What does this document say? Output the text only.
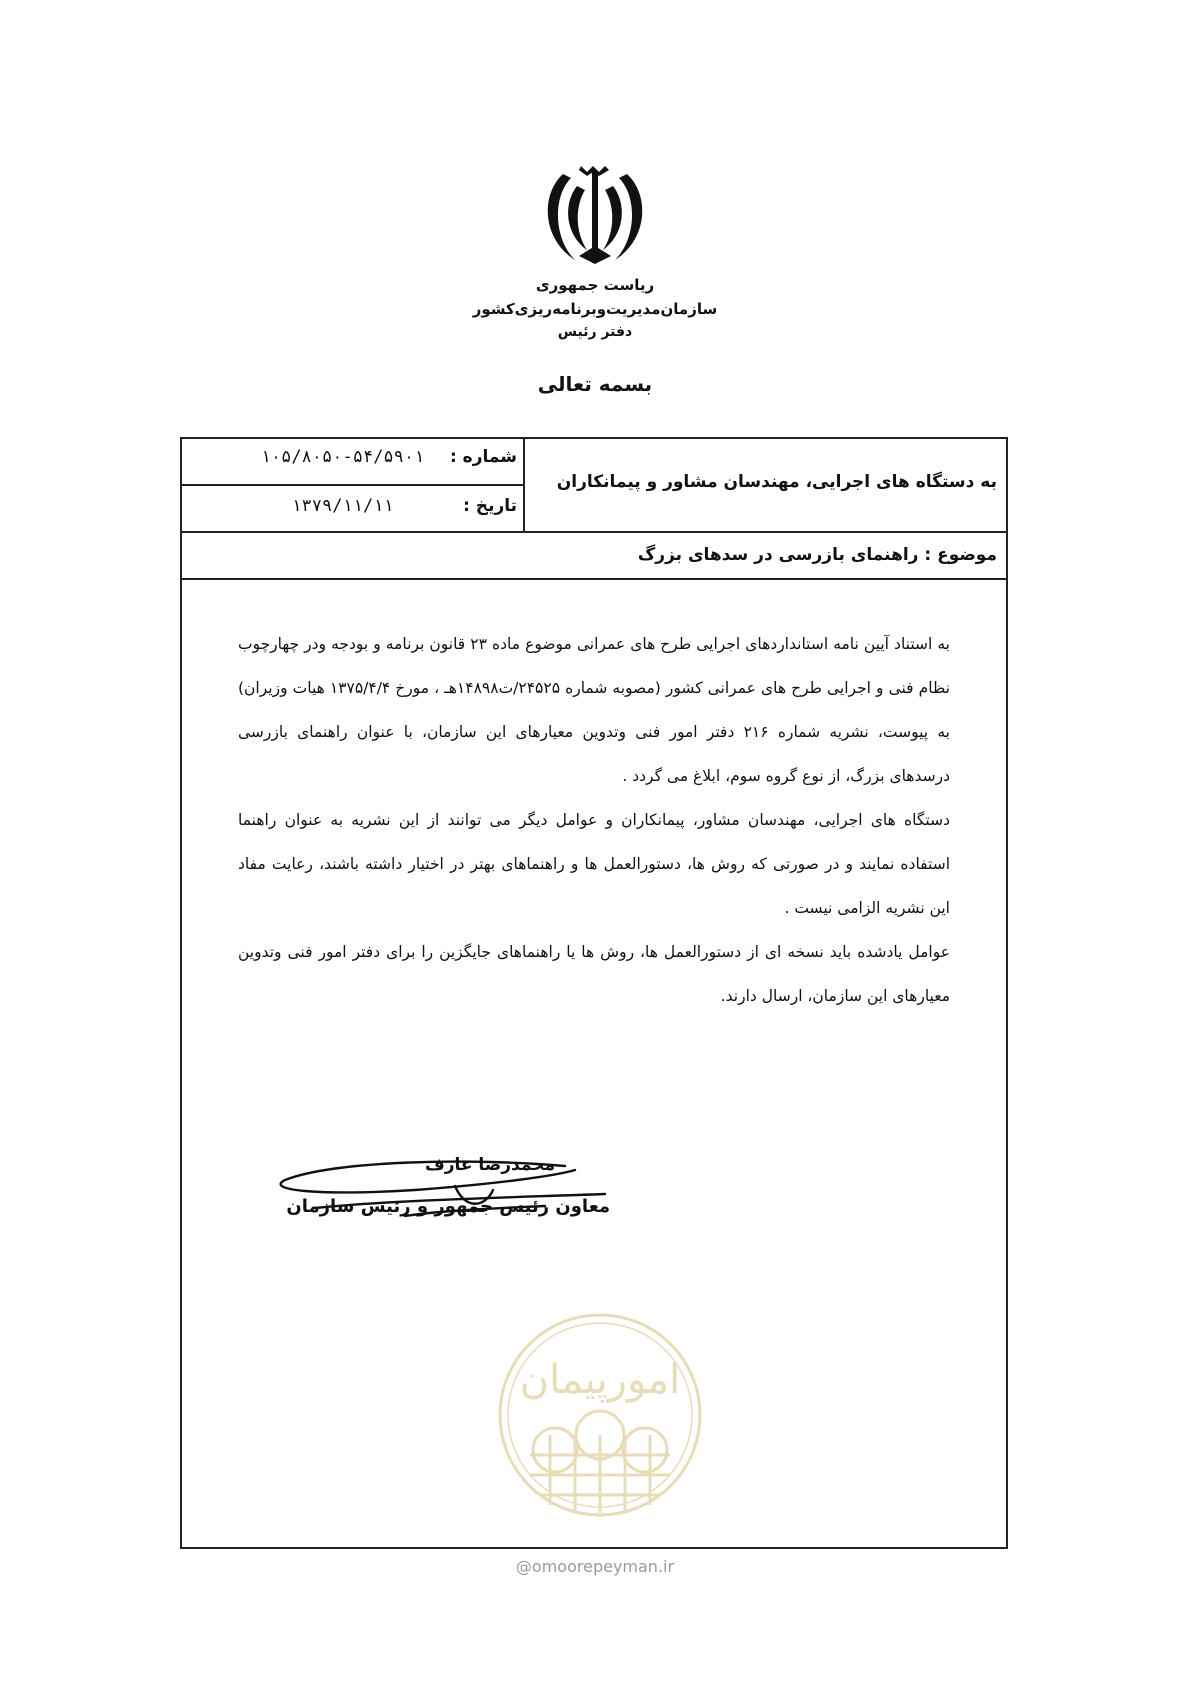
ریاست جمهوری
سازمان‌مدیریت‌وبرنامه‌ریزی‌کشور
دفتر رئیس
بسمه تعالی
شماره :
۱۰۵/۸۰۵۰-۵۴/۵۹۰۱
تاریخ :
۱۳۷۹/۱۱/۱۱
به دستگاه های اجرایی، مهندسان مشاور و پیمانکاران
موضوع : راهنمای بازرسی در سدهای بزرگ

به استناد آیین نامه استانداردهای اجرایی طرح های عمرانی موضوع ماده ۲۳ قانون برنامه و بودجه ودر چهارچوب نظام فنی و اجرایی طرح های عمرانی کشور (مصوبه شماره ۲۴۵۲۵/ت۱۴۸۹۸هـ ، مورخ ۱۳۷۵/۴/۴ هیات وزیران) به پیوست، نشریه شماره ۲۱۶ دفتر امور فنی وتدوین معیارهای این سازمان، با عنوان راهنمای بازرسی درسدهای بزرگ، از نوع گروه سوم، ابلاغ می گردد .

دستگاه های اجرایی، مهندسان مشاور، پیمانکاران و عوامل دیگر می توانند از این نشریه به عنوان راهنما استفاده نمایند و در صورتی که روش ها، دستورالعمل ها و راهنماهای بهتر در اختیار داشته باشند، رعایت مفاد این نشریه الزامی نیست .

عوامل یادشده باید نسخه ای از دستورالعمل ها، روش ها یا راهنماهای جایگزین را برای دفتر امور فنی وتدوین معیارهای این سازمان، ارسال دارند.

محمدرضا عارف
معاون رئیس جمهور و رئیس سازمان
امورپیمان
@omoorepeyman.ir
